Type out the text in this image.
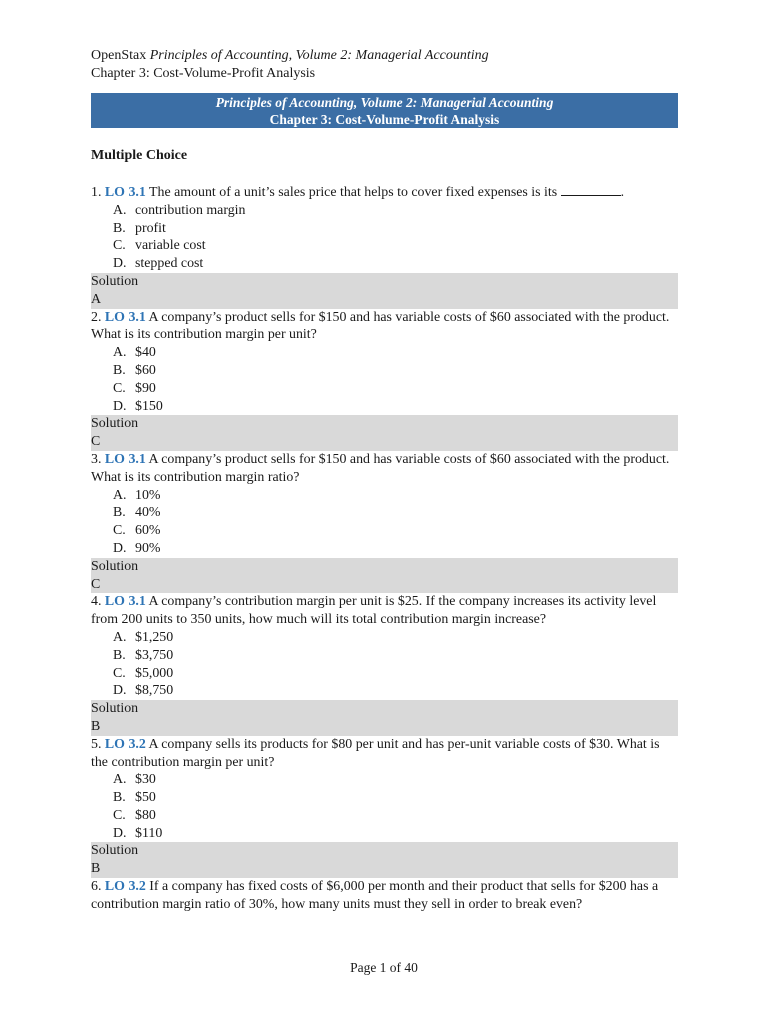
OpenStax Principles of Accounting, Volume 2: Managerial Accounting
Chapter 3: Cost-Volume-Profit Analysis
Principles of Accounting, Volume 2: Managerial Accounting
Chapter 3: Cost-Volume-Profit Analysis
Multiple Choice
1. LO 3.1 The amount of a unit’s sales price that helps to cover fixed expenses is its	.
A. contribution margin
B. profit
C. variable cost
D. stepped cost
Solution
A
2. LO 3.1 A company’s product sells for $150 and has variable costs of $60 associated with the product. What is its contribution margin per unit?
A. $40
B. $60
C. $90
D. $150
Solution
C
3. LO 3.1 A company’s product sells for $150 and has variable costs of $60 associated with the product. What is its contribution margin ratio?
A. 10%
B. 40%
C. 60%
D. 90%
Solution
C
4. LO 3.1 A company’s contribution margin per unit is $25. If the company increases its activity level from 200 units to 350 units, how much will its total contribution margin increase?
A. $1,250
B. $3,750
C. $5,000
D. $8,750
Solution
B
5. LO 3.2 A company sells its products for $80 per unit and has per-unit variable costs of $30. What is the contribution margin per unit?
A. $30
B. $50
C. $80
D. $110
Solution
B
6. LO 3.2 If a company has fixed costs of $6,000 per month and their product that sells for $200 has a contribution margin ratio of 30%, how many units must they sell in order to break even?
Page 1 of 40
